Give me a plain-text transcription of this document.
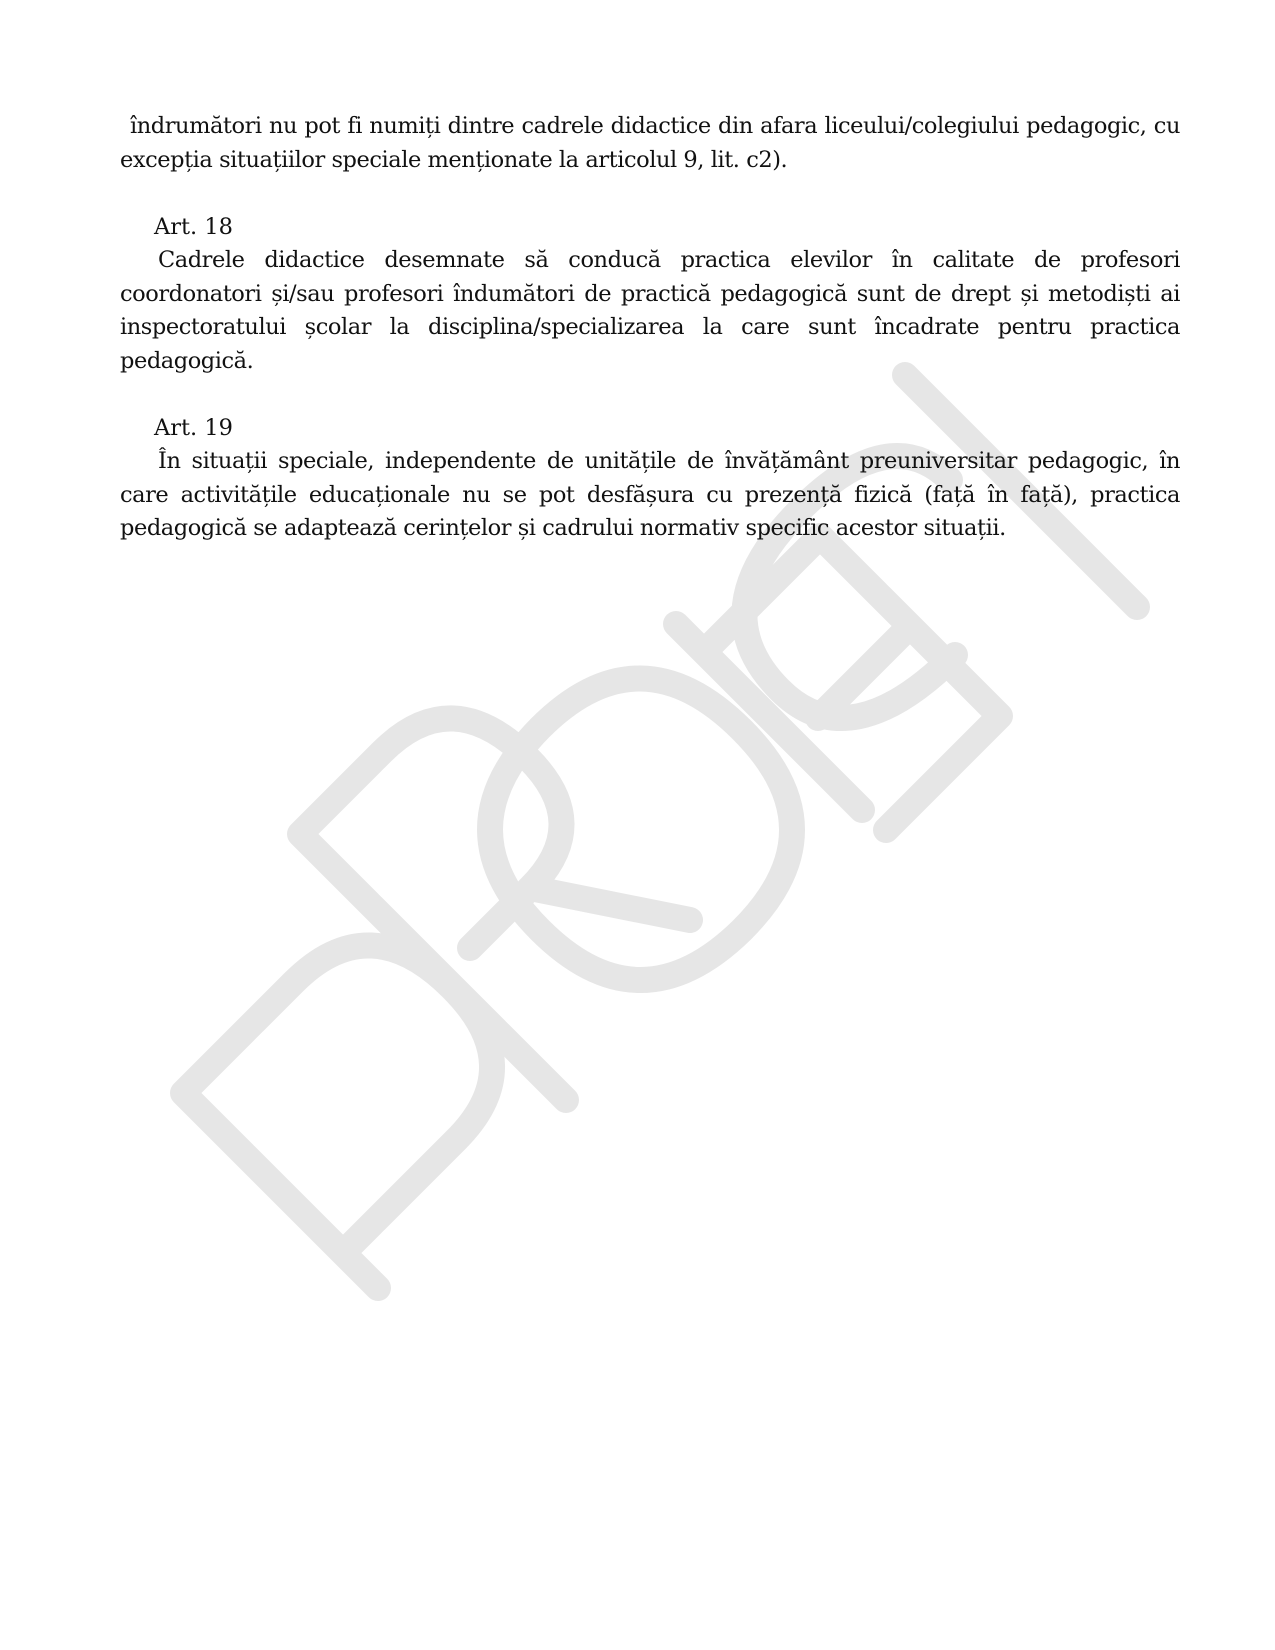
îndrumători nu pot fi numiți dintre cadrele didactice din afara liceului/colegiului pedagogic, cu excepția situațiilor speciale menționate la articolul 9, lit. c2).

Art. 18

Cadrele didactice desemnate să conducă practica elevilor în calitate de profesori coordonatori și/sau profesori îndumători de practică pedagogică sunt de drept și metodiști ai inspectoratului școlar la disciplina/specializarea la care sunt încadrate pentru practica pedagogică.

Art. 19

În situații speciale, independente de unitățile de învățământ preuniversitar pedagogic, în care activitățile educaționale nu se pot desfășura cu prezență fizică (față în față), practica pedagogică se adaptează cerințelor și cadrului normativ specific acestor situații.
